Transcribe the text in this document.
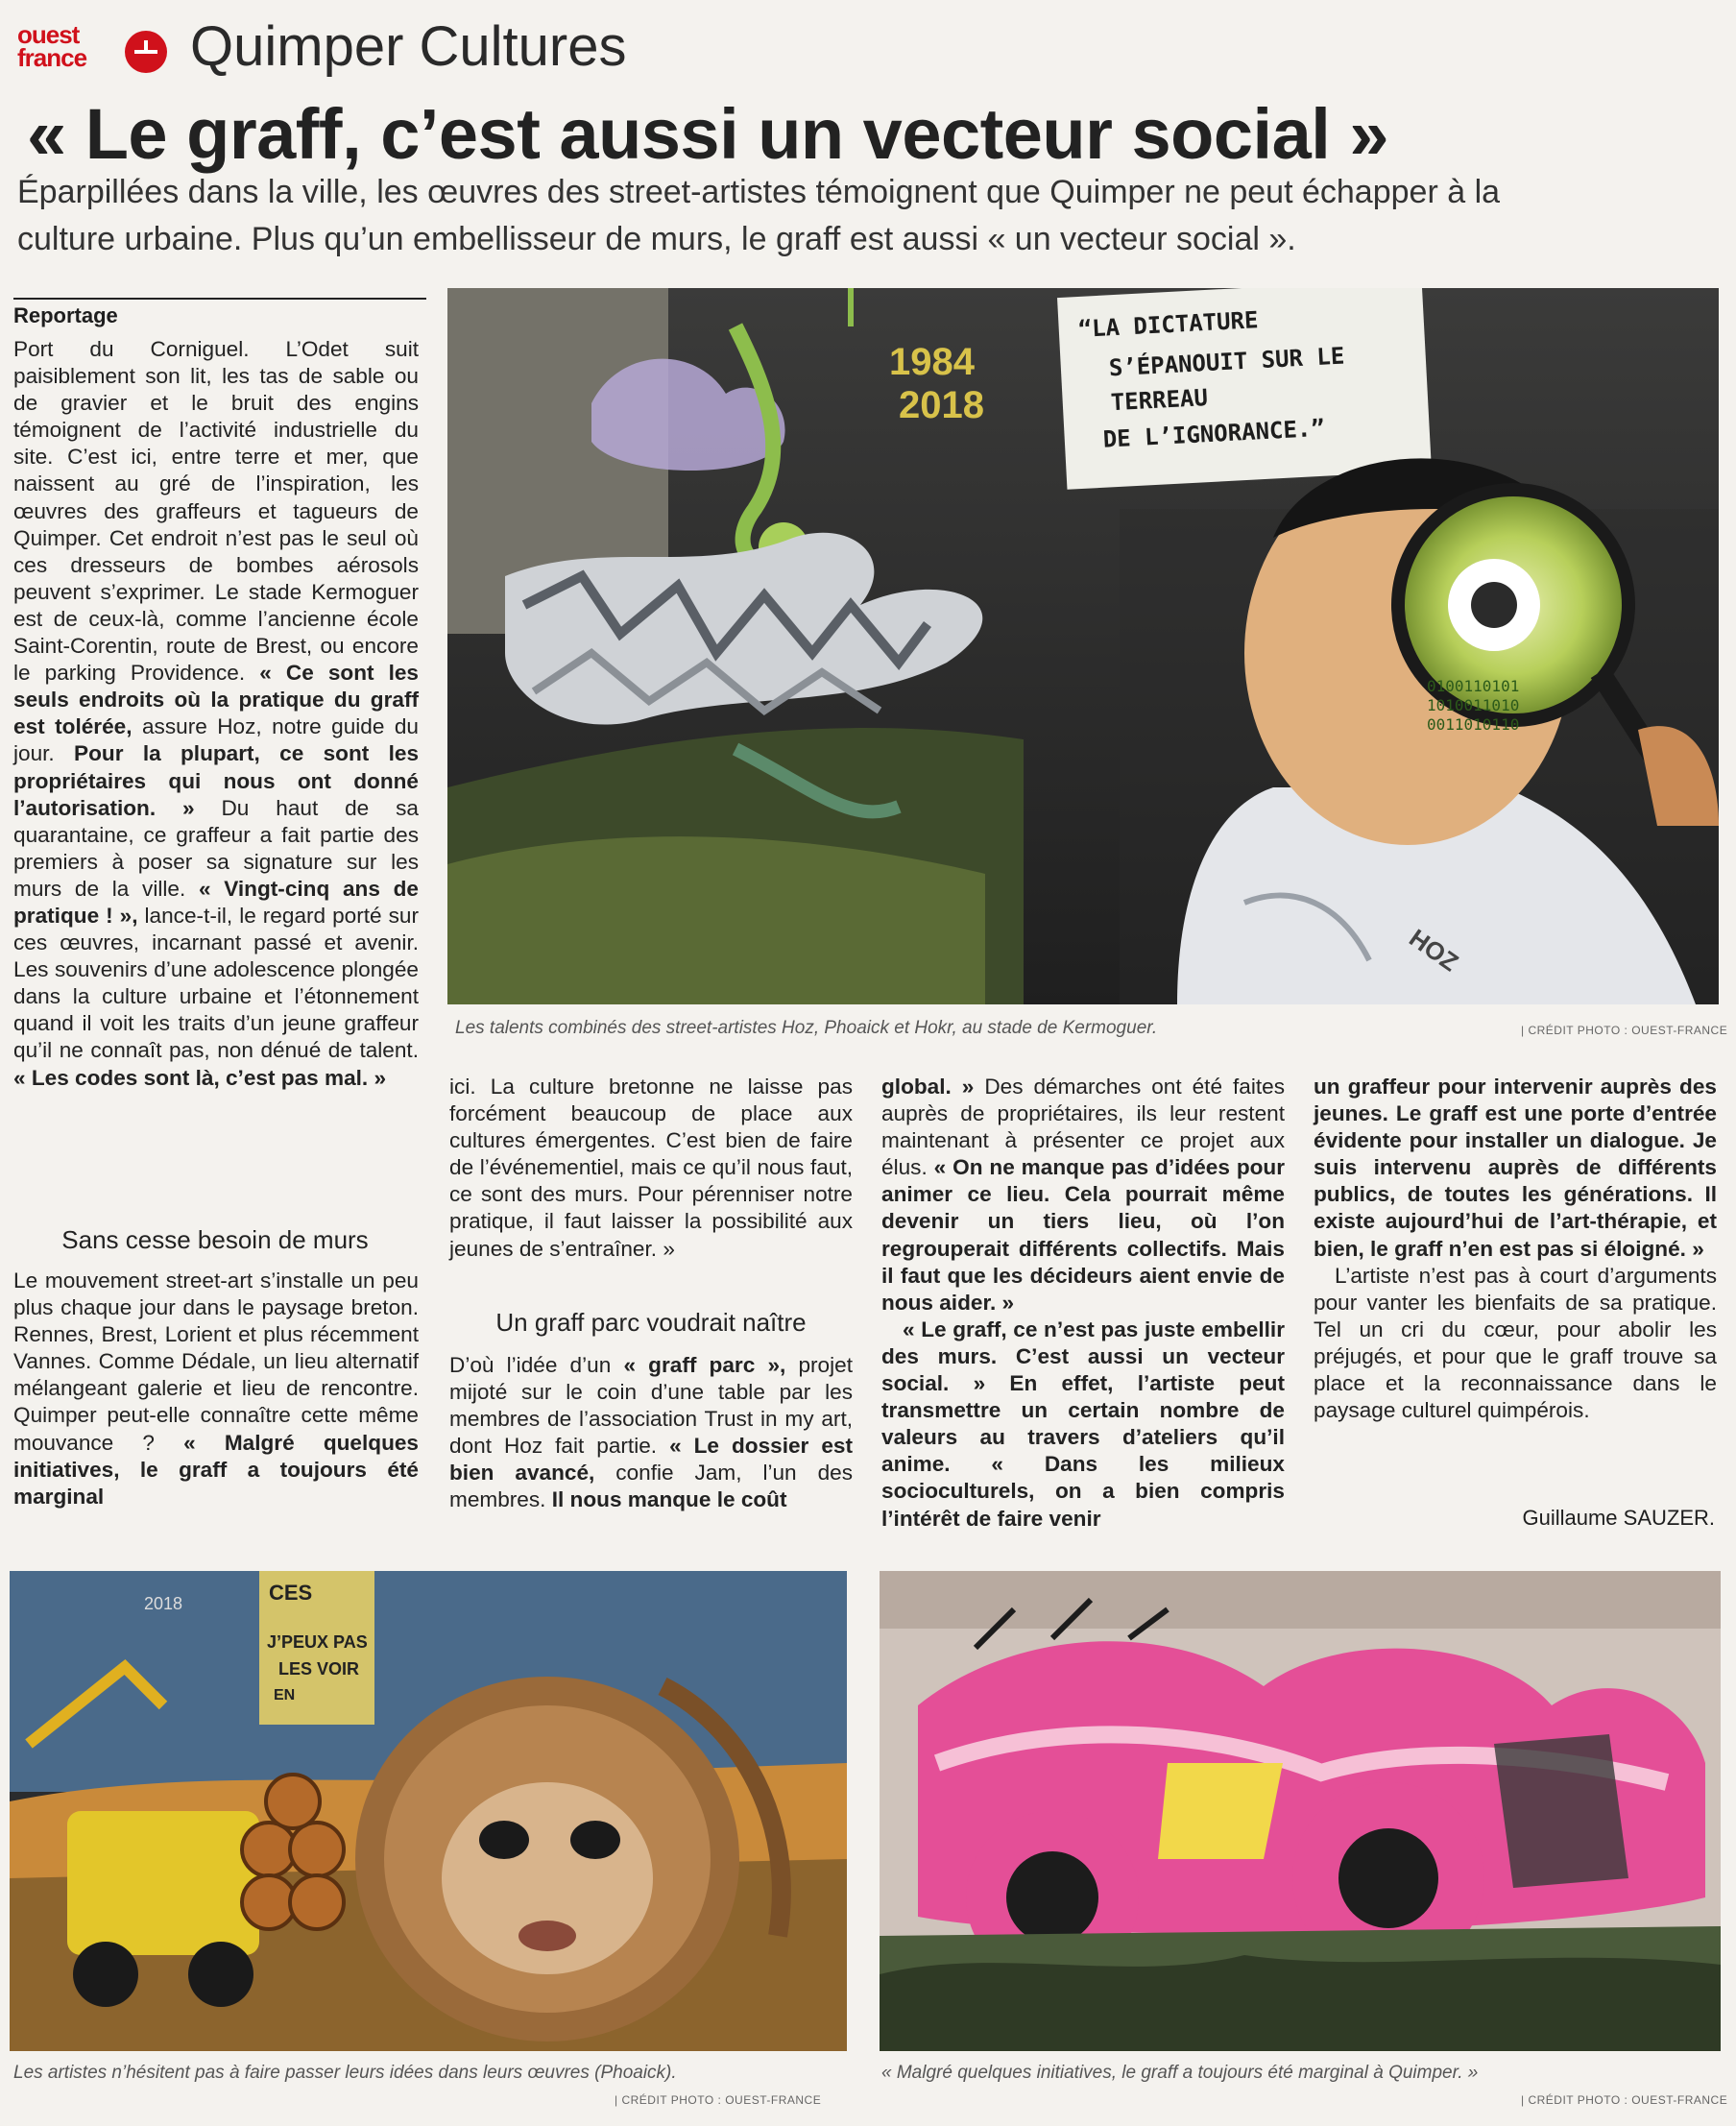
ouest
france Quimper Cultures
« Le graff, c’est aussi un vecteur social »
Éparpillées dans la ville, les œuvres des street-artistes témoignent que Quimper ne peut échapper à la culture urbaine. Plus qu’un embellisseur de murs, le graff est aussi « un vecteur social ».
Reportage

Port du Corniguel. L’Odet suit paisiblement son lit, les tas de sable ou de gravier et le bruit des engins témoignent de l’activité industrielle du site. C’est ici, entre terre et mer, que naissent au gré de l’inspiration, les œuvres des graffeurs et tagueurs de Quimper. Cet endroit n’est pas le seul où ces dresseurs de bombes aérosols peuvent s’exprimer. Le stade Kermoguer est de ceux-là, comme l’ancienne école Saint-Corentin, route de Brest, ou encore le parking Providence. « Ce sont les seuls endroits où la pratique du graff est tolérée, assure Hoz, notre guide du jour. Pour la plupart, ce sont les propriétaires qui nous ont donné l’autorisation. » Du haut de sa quarantaine, ce graffeur a fait partie des premiers à poser sa signature sur les murs de la ville. « Vingt-cinq ans de pratique ! », lance-t-il, le regard porté sur ces œuvres, incarnant passé et avenir. Les souvenirs d’une adolescence plongée dans la culture urbaine et l’étonnement quand il voit les traits d’un jeune graffeur qu’il ne connaît pas, non dénué de talent. « Les codes sont là, c’est pas mal. »

Sans cesse besoin de murs

Le mouvement street-art s’installe un peu plus chaque jour dans le paysage breton. Rennes, Brest, Lorient et plus récemment Vannes. Comme Dédale, un lieu alternatif mélangeant galerie et lieu de rencontre. Quimper peut-elle connaître cette même mouvance ? « Malgré quelques initiatives, le graff a toujours été marginal

ici. La culture bretonne ne laisse pas forcément beaucoup de place aux cultures émergentes. C’est bien de faire de l’événementiel, mais ce qu’il nous faut, ce sont des murs. Pour pérenniser notre pratique, il faut laisser la possibilité aux jeunes de s’entraîner. »

Un graff parc voudrait naître

D’où l’idée d’un « graff parc », projet mijoté sur le coin d’une table par les membres de l’association Trust in my art, dont Hoz fait partie. « Le dossier est bien avancé, confie Jam, l’un des membres. Il nous manque le coût

global. » Des démarches ont été faites auprès de propriétaires, ils leur restent maintenant à présenter ce projet aux élus. « On ne manque pas d’idées pour animer ce lieu. Cela pourrait même devenir un tiers lieu, où l’on regrouperait différents collectifs. Mais il faut que les décideurs aient envie de nous aider. »

« Le graff, ce n’est pas juste embellir des murs. C’est aussi un vecteur social. » En effet, l’artiste peut transmettre un certain nombre de valeurs au travers d’ateliers qu’il anime. « Dans les milieux socioculturels, on a bien compris l’intérêt de faire venir

un graffeur pour intervenir auprès des jeunes. Le graff est une porte d’entrée évidente pour installer un dialogue. Je suis intervenu auprès de différents publics, de toutes les générations. Il existe aujourd’hui de l’art-thérapie, et bien, le graff n’en est pas si éloigné. »

L’artiste n’est pas à court d’arguments pour vanter les bienfaits de sa pratique. Tel un cri du cœur, pour abolir les préjugés, et pour que le graff trouve sa place et la reconnaissance dans le paysage culturel quimpérois.

Guillaume SAUZER.
1984
2018
“LA DICTATURE
S’ÉPANOUIT SUR LE
TERREAU
DE L’IGNORANCE.”
0100110101
1010011010
0011010110
HOZ
Les talents combinés des street-artistes Hoz, Phoaick et Hokr, au stade de Kermoguer.	| CRÉDIT PHOTO : OUEST-FRANCE
CES
J’PEUX PAS
LES VOIR
EN
2018
Les artistes n’hésitent pas à faire passer leurs idées dans leurs œuvres (Phoaick).
| CRÉDIT PHOTO : OUEST-FRANCE
« Malgré quelques initiatives, le graff a toujours été marginal à Quimper. »
| CRÉDIT PHOTO : OUEST-FRANCE
